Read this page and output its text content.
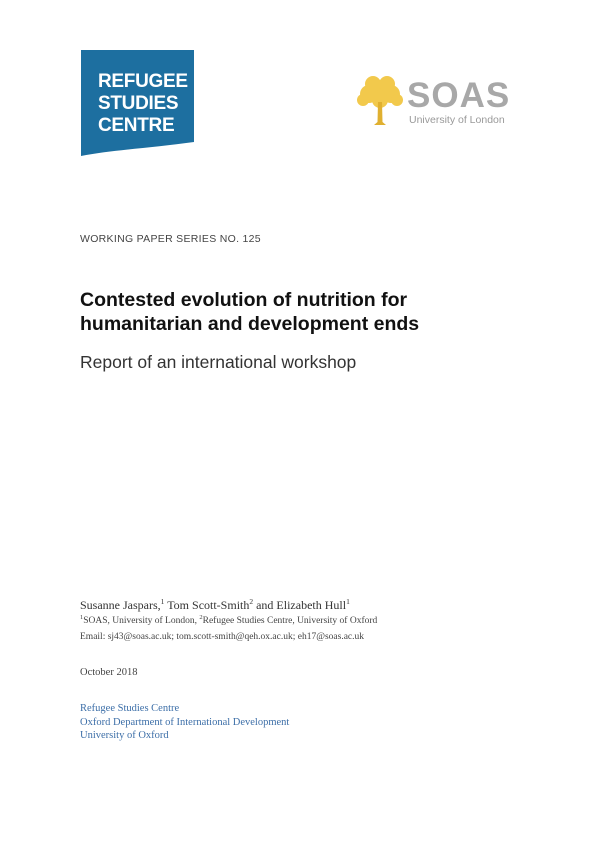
REFUGEE
STUDIES
CENTRE
SOAS
University of London
WORKING PAPER SERIES NO. 125
Contested evolution of nutrition for humanitarian and development ends
Report of an international workshop
Susanne Jaspars,$^1$ Tom Scott-Smith$^2$ and Elizabeth Hull$^1$
$^1$SOAS, University of London, $^2$Refugee Studies Centre, University of Oxford
Email: sj43@soas.ac.uk; tom.scott-smith@qeh.ox.ac.uk; eh17@soas.ac.uk
October 2018
Refugee Studies Centre
Oxford Department of International Development
University of Oxford
